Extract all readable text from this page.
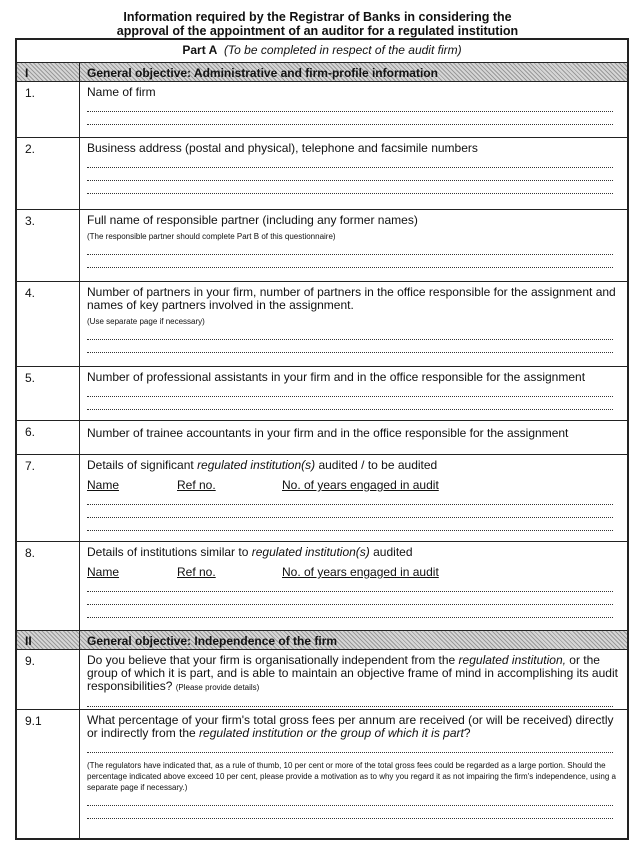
Information required by the Registrar of Banks in considering the
approval of the appointment of an auditor for a regulated institution
Part A (To be completed in respect of the audit firm)
I	General objective: Administrative and firm-profile information
1.	Name of firm
2.	Business address (postal and physical), telephone and facsimile numbers
3.	Full name of responsible partner (including any former names)
(The responsible partner should complete Part B of this questionnaire)
4.	Number of partners in your firm, number of partners in the office responsible for the assignment and names of key partners involved in the assignment.
(Use separate page if necessary)
5.	Number of professional assistants in your firm and in the office responsible for the assignment
6.	Number of trainee accountants in your firm and in the office responsible for the assignment
7.	Details of significant regulated institution(s) audited / to be audited
Name	Ref no.	No. of years engaged in audit
8.	Details of institutions similar to regulated institution(s) audited
Name	Ref no.	No. of years engaged in audit
II	General objective: Independence of the firm
9.	Do you believe that your firm is organisationally independent from the regulated institution, or the group of which it is part, and is able to maintain an objective frame of mind in accomplishing its audit responsibilities? (Please provide details)
9.1	What percentage of your firm's total gross fees per annum are received (or will be received) directly or indirectly from the regulated institution or the group of which it is part?
(The regulators have indicated that, as a rule of thumb, 10 per cent or more of the total gross fees could be regarded as a large portion. Should the percentage indicated above exceed 10 per cent, please provide a motivation as to why you regard it as not impairing the firm's independence, using a separate page if necessary.)
